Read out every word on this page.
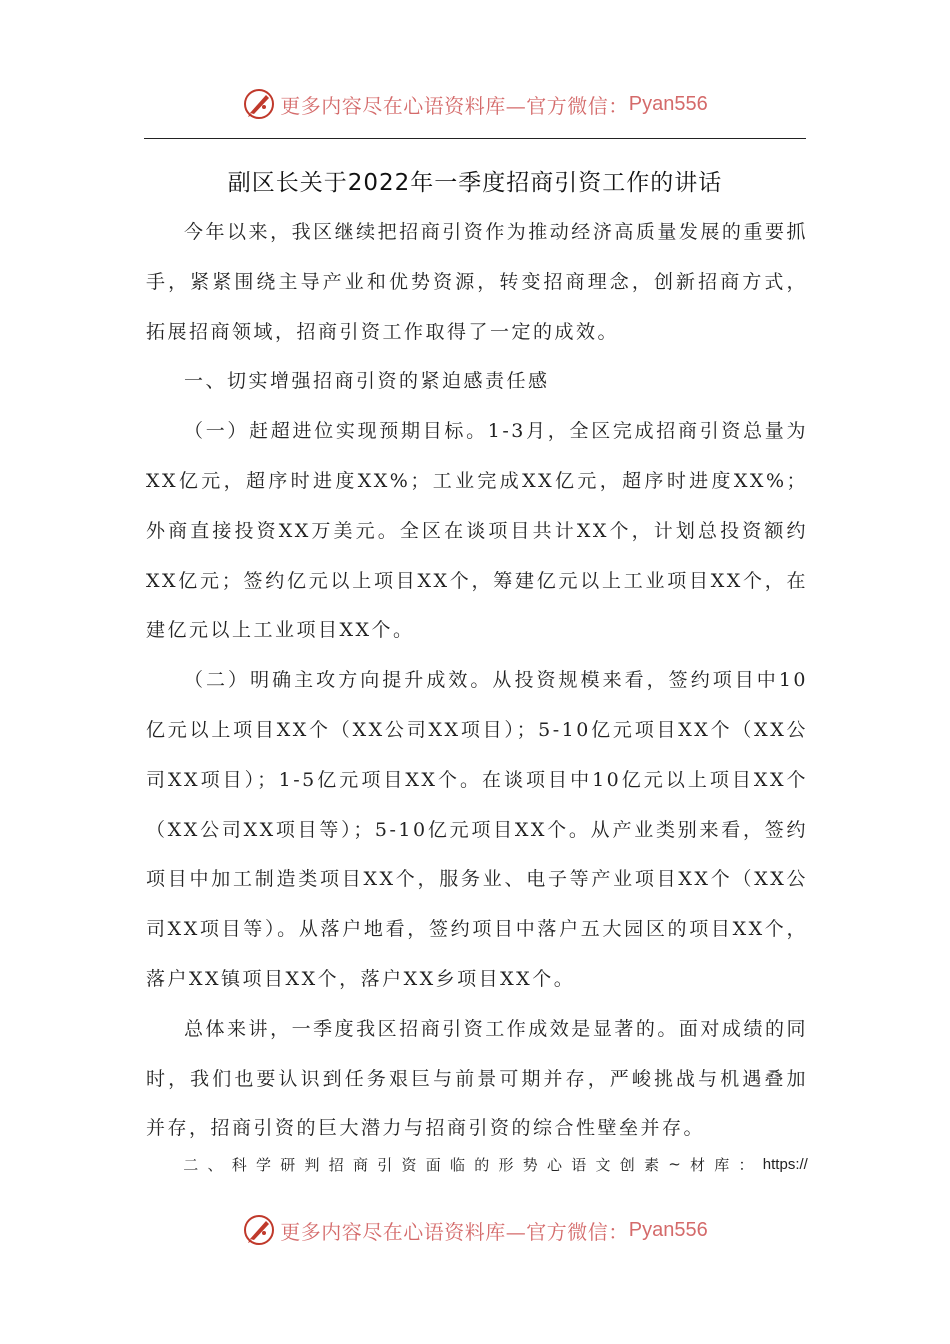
更多内容尽在心语资料库—官方微信： Pyan556
副区长关于2022年一季度招商引资工作的讲话

今年以来，我区继续把招商引资作为推动经济高质量发展的重要抓手，紧紧围绕主导产业和优势资源，转变招商理念，创新招商方式，拓展招商领域，招商引资工作取得了一定的成效。

一、切实增强招商引资的紧迫感责任感

（一）赶超进位实现预期目标。1-3月，全区完成招商引资总量为XX亿元，超序时进度XX%；工业完成XX亿元，超序时进度XX%；外商直接投资XX万美元。全区在谈项目共计XX个，计划总投资额约XX亿元；签约亿元以上项目XX个，筹建亿元以上工业项目XX个，在建亿元以上工业项目XX个。

（二）明确主攻方向提升成效。从投资规模来看，签约项目中10亿元以上项目XX个（XX公司XX项目）；5-10亿元项目XX个（XX公司XX项目）；1-5亿元项目XX个。在谈项目中10亿元以上项目XX个（XX公司XX项目等）；5-10亿元项目XX个。从产业类别来看，签约项目中加工制造类项目XX个，服务业、电子等产业项目XX个（XX公司XX项目等）。从落户地看，签约项目中落户五大园区的项目XX个，落户XX镇项目XX个，落户XX乡项目XX个。

总体来讲，一季度我区招商引资工作成效是显著的。面对成绩的同时，我们也要认识到任务艰巨与前景可期并存，严峻挑战与机遇叠加并存，招商引资的巨大潜力与招商引资的综合性壁垒并存。

二 、 科 学 研 判 招 商 引 资 面 临 的 形 势 心 语 文 创 素 ~ 材 库 ： https://
更多内容尽在心语资料库—官方微信： Pyan556
